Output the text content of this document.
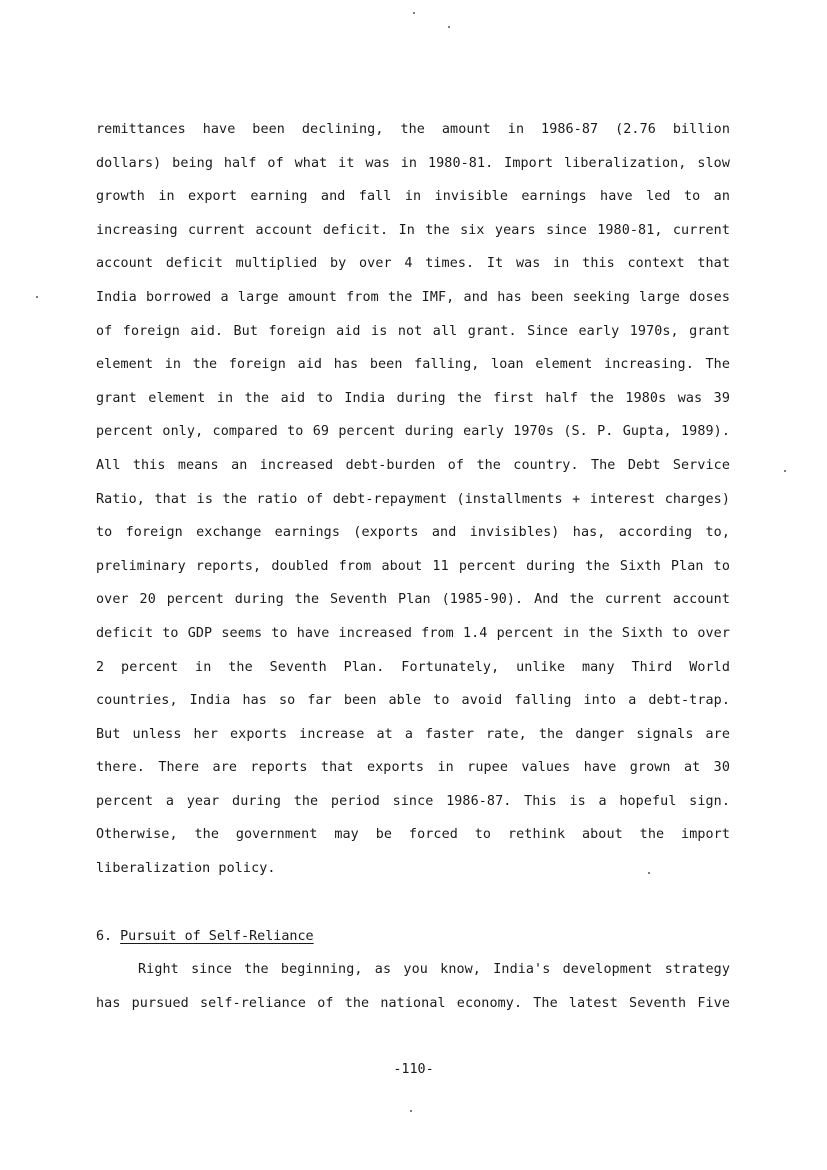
remittances have been declining, the amount in 1986-87 (2.76 billion
dollars) being half of what it was in 1980-81. Import liberalization, slow
growth in export earning and fall in invisible earnings have led to an
increasing current account deficit. In the six years since 1980-81, current
account deficit multiplied by over 4 times. It was in this context that
India borrowed a large amount from the IMF, and has been seeking large doses
of foreign aid. But foreign aid is not all grant. Since early 1970s, grant
element in the foreign aid has been falling, loan element increasing. The
grant element in the aid to India during the first half the 1980s was 39
percent only, compared to 69 percent during early 1970s (S. P. Gupta, 1989).
All this means an increased debt-burden of the country. The Debt Service
Ratio, that is the ratio of debt-repayment (installments + interest charges)
to foreign exchange earnings (exports and invisibles) has, according to,
preliminary reports, doubled from about 11 percent during the Sixth Plan to
over 20 percent during the Seventh Plan (1985-90). And the current account
deficit to GDP seems to have increased from 1.4 percent in the Sixth to over
2 percent in the Seventh Plan. Fortunately, unlike many Third World
countries, India has so far been able to avoid falling into a debt-trap.
But unless her exports increase at a faster rate, the danger signals are
there. There are reports that exports in rupee values have grown at 30
percent a year during the period since 1986-87. This is a hopeful sign.
Otherwise, the government may be forced to rethink about the import
liberalization policy.
6. Pursuit of Self-Reliance
Right since the beginning, as you know, India's development strategy
has pursued self-reliance of the national economy. The latest Seventh Five
-110-
